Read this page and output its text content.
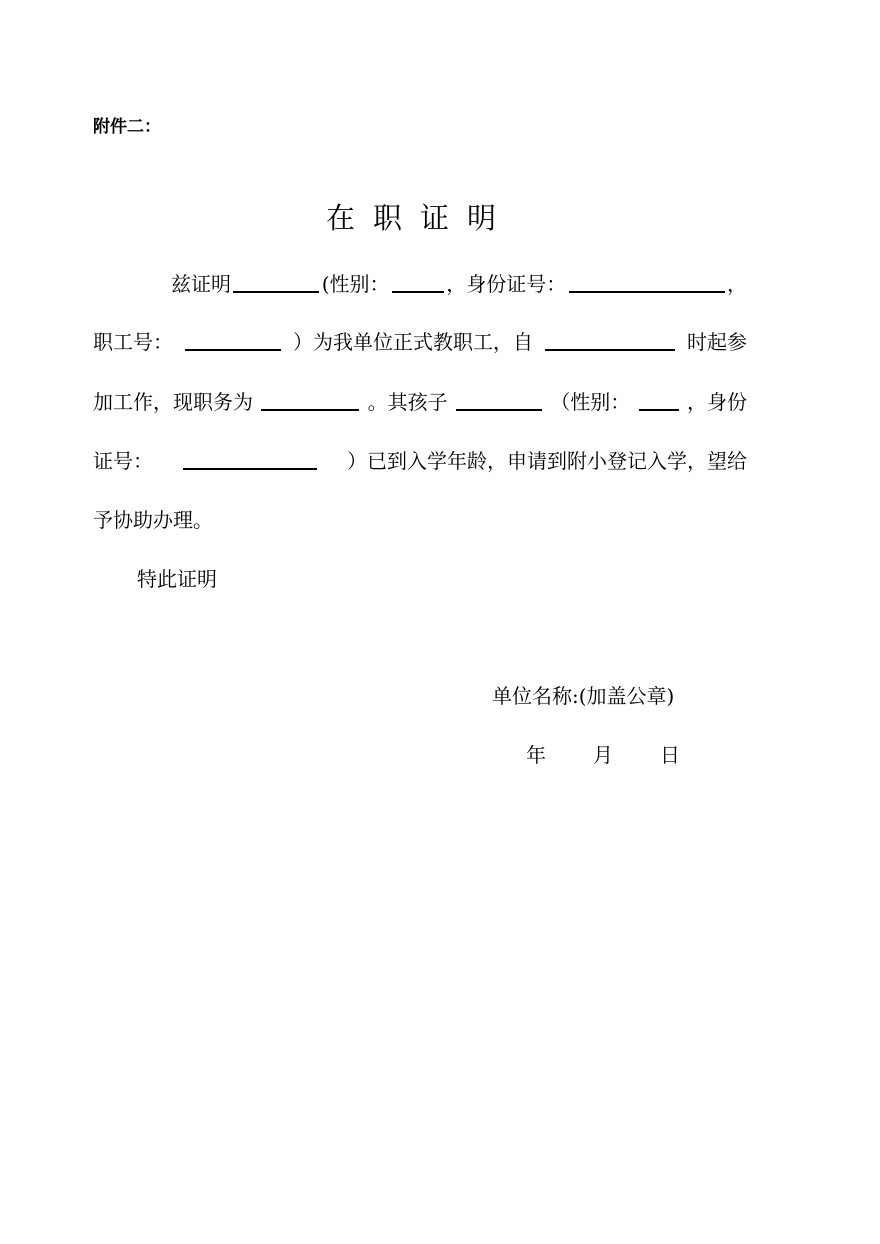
附件二：
在职证明
兹证明	(性别：	，身份证号：	，
职工号：	）为我单位正式教职工，自	时起参
加工作，现职务为	。其孩子	（性别：	，身份
证号：	）已到入学年龄，申请到附小登记入学，望给
予协助办理。
特此证明
单位名称:(加盖公章)
年 月 日
